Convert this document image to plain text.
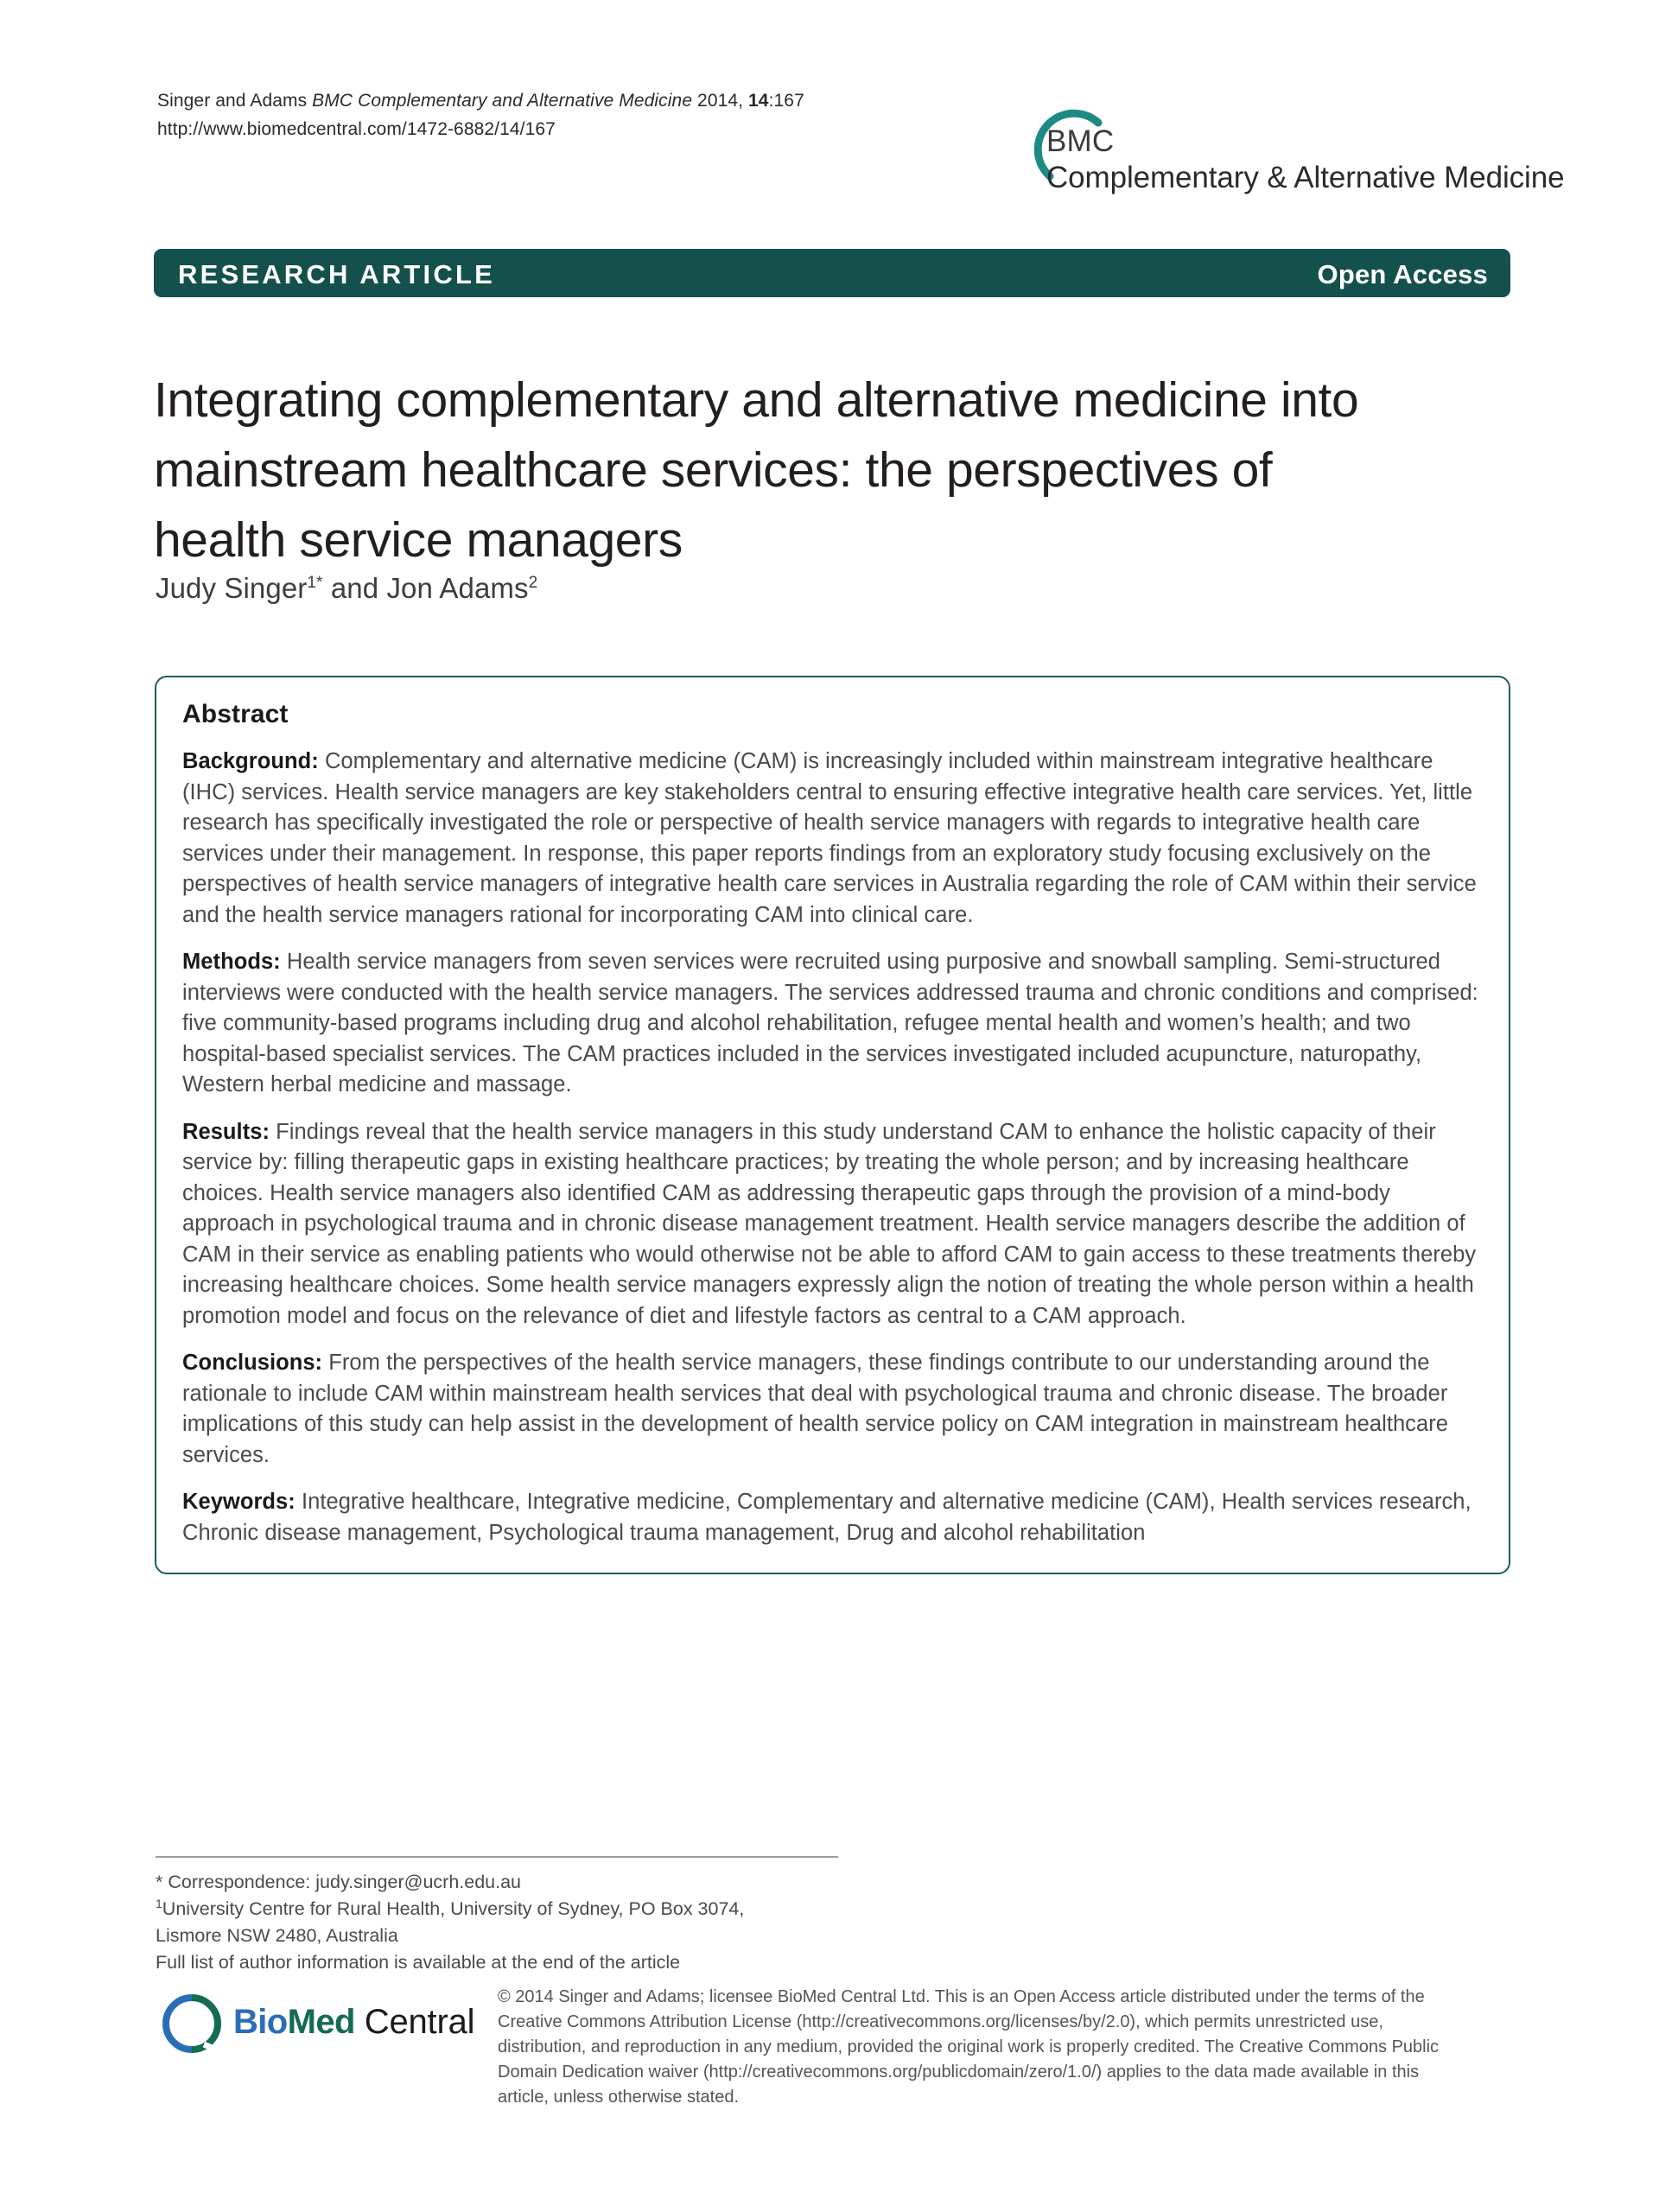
Singer and Adams BMC Complementary and Alternative Medicine 2014, 14:167
http://www.biomedcentral.com/1472-6882/14/167	BMC
Complementary & Alternative Medicine
RESEARCH ARTICLE	Open Access
Integrating complementary and alternative medicine into mainstream healthcare services: the perspectives of health service managers
Judy Singer$^{1*}$ and Jon Adams$^2$
Abstract

Background: Complementary and alternative medicine (CAM) is increasingly included within mainstream integrative healthcare (IHC) services. Health service managers are key stakeholders central to ensuring effective integrative health care services. Yet, little research has specifically investigated the role or perspective of health service managers with regards to integrative health care services under their management. In response, this paper reports findings from an exploratory study focusing exclusively on the perspectives of health service managers of integrative health care services in Australia regarding the role of CAM within their service and the health service managers rational for incorporating CAM into clinical care.

Methods: Health service managers from seven services were recruited using purposive and snowball sampling. Semi-structured interviews were conducted with the health service managers. The services addressed trauma and chronic conditions and comprised: five community-based programs including drug and alcohol rehabilitation, refugee mental health and women’s health; and two hospital-based specialist services. The CAM practices included in the services investigated included acupuncture, naturopathy, Western herbal medicine and massage.

Results: Findings reveal that the health service managers in this study understand CAM to enhance the holistic capacity of their service by: filling therapeutic gaps in existing healthcare practices; by treating the whole person; and by increasing healthcare choices. Health service managers also identified CAM as addressing therapeutic gaps through the provision of a mind-body approach in psychological trauma and in chronic disease management treatment. Health service managers describe the addition of CAM in their service as enabling patients who would otherwise not be able to afford CAM to gain access to these treatments thereby increasing healthcare choices. Some health service managers expressly align the notion of treating the whole person within a health promotion model and focus on the relevance of diet and lifestyle factors as central to a CAM approach.

Conclusions: From the perspectives of the health service managers, these findings contribute to our understanding around the rationale to include CAM within mainstream health services that deal with psychological trauma and chronic disease. The broader implications of this study can help assist in the development of health service policy on CAM integration in mainstream healthcare services.

Keywords: Integrative healthcare, Integrative medicine, Complementary and alternative medicine (CAM), Health services research, Chronic disease management, Psychological trauma management, Drug and alcohol rehabilitation

* Correspondence: judy.singer@ucrh.edu.au
$^1$University Centre for Rural Health, University of Sydney, PO Box 3074,
Lismore NSW 2480, Australia
Full list of author information is available at the end of the article
BioMed Central
© 2014 Singer and Adams; licensee BioMed Central Ltd. This is an Open Access article distributed under the terms of the Creative Commons Attribution License (http://creativecommons.org/licenses/by/2.0), which permits unrestricted use, distribution, and reproduction in any medium, provided the original work is properly credited. The Creative Commons Public Domain Dedication waiver (http://creativecommons.org/publicdomain/zero/1.0/) applies to the data made available in this article, unless otherwise stated.
